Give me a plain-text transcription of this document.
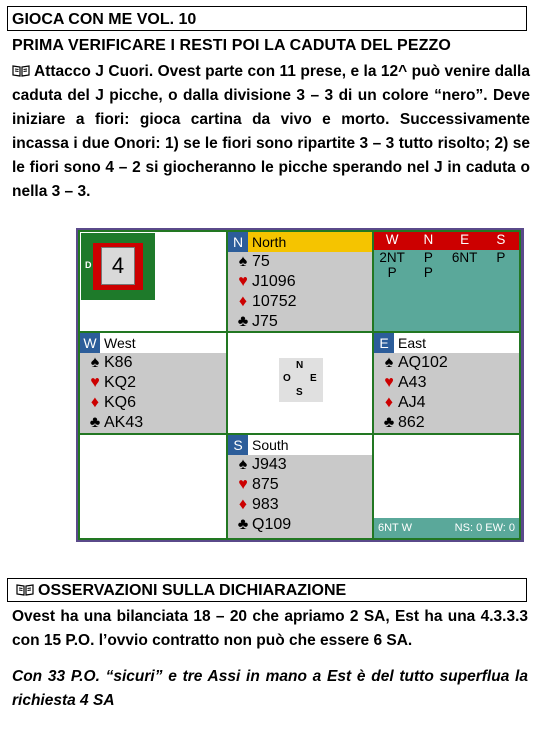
GIOCA CON ME VOL. 10
PRIMA VERIFICARE I RESTI POI LA CADUTA DEL PEZZO
Attacco J Cuori. Ovest parte con 11 prese, e la 12^ può venire dalla caduta del J picche, o dalla divisione 3 – 3 di un colore “nero”. Deve iniziare a fiori: gioca cartina da vivo e morto. Successivamente incassa i due Onori: 1) se le fiori sono ripartite 3 – 3 tutto risolto; 2) se le fiori sono 4 – 2 si giocheranno le picche sperando nel J in caduta o nella 3 – 3.
4
D
N North
♠ 75
♥ J1096
♦ 10752
♣ J75
W	N	E	S
2NT	P	6NT	P
P	P
W West
♠ K86
♥ KQ2
♦ KQ6
♣ AK43
N
O E
S
E East
♠ AQ102
♥ A43
♦ AJ4
♣ 862
S South
♠ J943
♥ 875
♦ 983
♣ Q109	6NT W	NS: 0 EW: 0
OSSERVAZIONI SULLA DICHIARAZIONE
Ovest ha una bilanciata 18 – 20 che apriamo 2 SA, Est ha una 4.3.3.3 con 15 P.O. l’ovvio contratto non può che essere 6 SA.
Con 33 P.O. “sicuri” e tre Assi in mano a Est è del tutto superflua la richiesta 4 SA
